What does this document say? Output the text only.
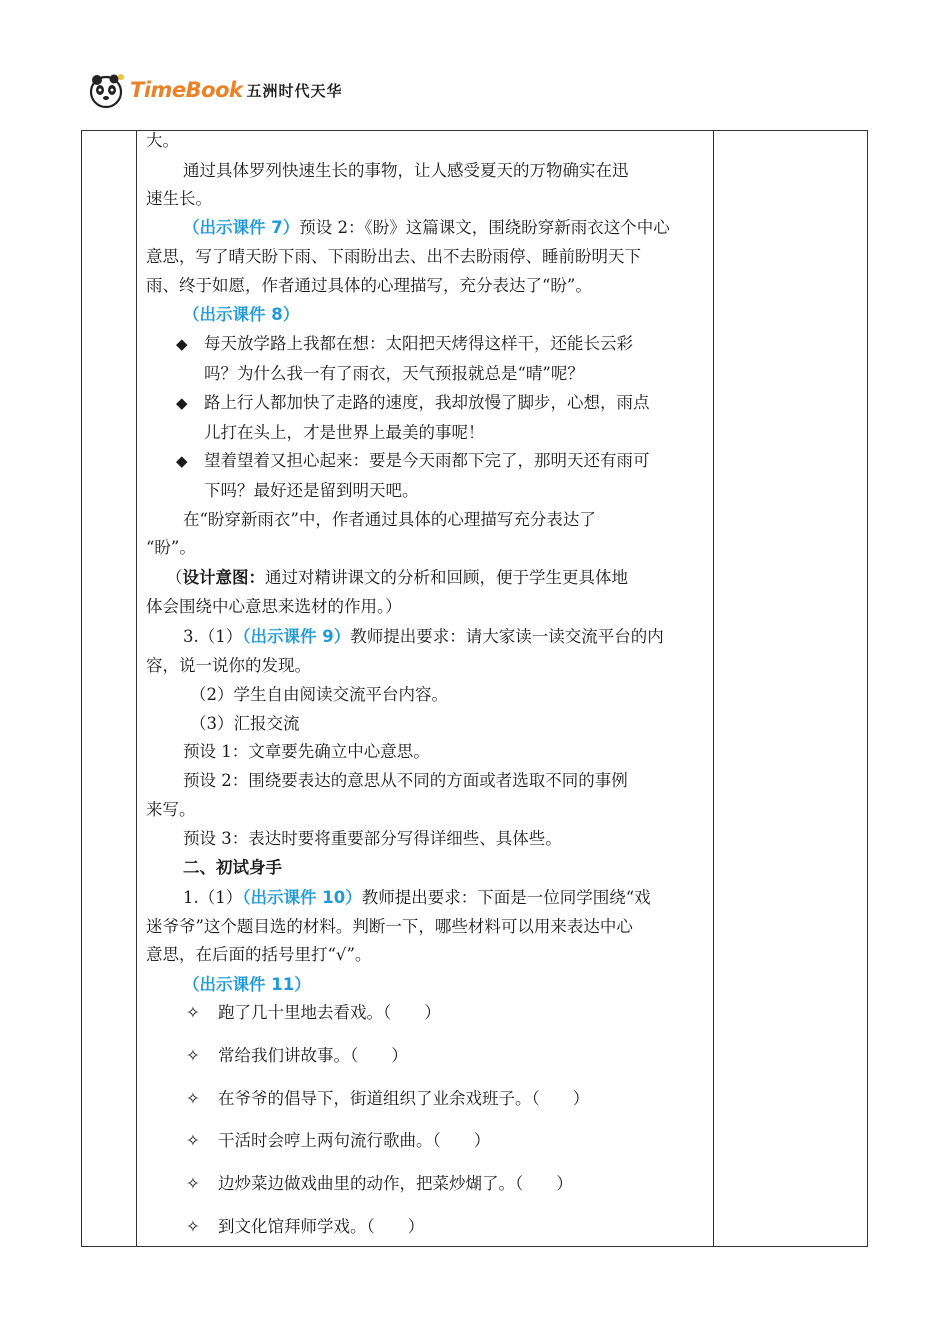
TimeBook 五洲时代天华
大。
通过具体罗列快速生长的事物，让人感受夏天的万物确实在迅
速生长。
（出示课件 7）预设 2：《盼》这篇课文，围绕盼穿新雨衣这个中心
意思，写了晴天盼下雨、下雨盼出去、出不去盼雨停、睡前盼明天下
雨、终于如愿，作者通过具体的心理描写，充分表达了“盼”。
（出示课件 8）
◆ 每天放学路上我都在想：太阳把天烤得这样干，还能长云彩
吗？为什么我一有了雨衣，天气预报就总是“晴”呢？
◆ 路上行人都加快了走路的速度，我却放慢了脚步，心想，雨点
儿打在头上，才是世界上最美的事呢！
◆ 望着望着又担心起来：要是今天雨都下完了，那明天还有雨可
下吗？最好还是留到明天吧。
在“盼穿新雨衣”中，作者通过具体的心理描写充分表达了
“盼”。
（设计意图：通过对精讲课文的分析和回顾，便于学生更具体地
体会围绕中心意思来选材的作用。）
3.（1）（出示课件 9）教师提出要求：请大家读一读交流平台的内
容，说一说你的发现。
（2）学生自由阅读交流平台内容。
（3）汇报交流
预设 1：文章要先确立中心意思。
预设 2：围绕要表达的意思从不同的方面或者选取不同的事例
来写。
预设 3：表达时要将重要部分写得详细些、具体些。
二、初试身手
1.（1）（出示课件 10）教师提出要求：下面是一位同学围绕“戏
迷爷爷”这个题目选的材料。判断一下，哪些材料可以用来表达中心
意思，在后面的括号里打“√”。
（出示课件 11）
✧ 跑了几十里地去看戏。（　　）
✧ 常给我们讲故事。（　　）
✧ 在爷爷的倡导下，街道组织了业余戏班子。（　　）
✧ 干活时会哼上两句流行歌曲。（　　）
✧ 边炒菜边做戏曲里的动作，把菜炒煳了。（　　）
✧ 到文化馆拜师学戏。（　　）
